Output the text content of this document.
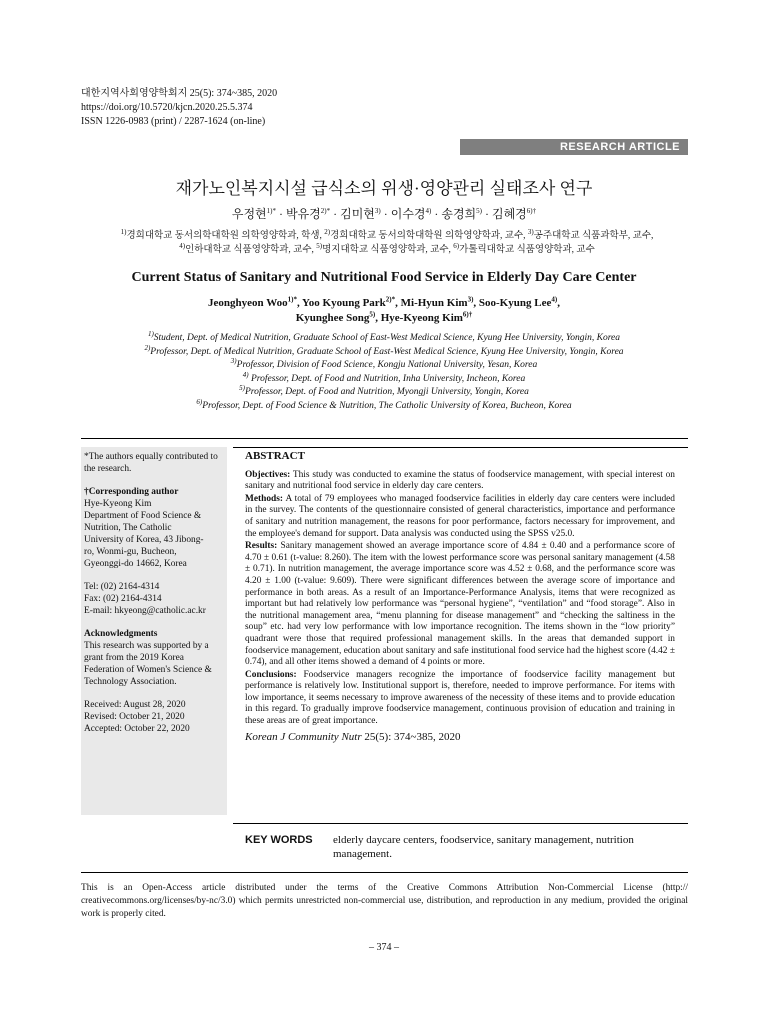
대한지역사회영양학회지 25(5): 374~385, 2020
https://doi.org/10.5720/kjcn.2020.25.5.374
ISSN 1226-0983 (print) / 2287-1624 (on-line)
RESEARCH ARTICLE
재가노인복지시설 급식소의 위생·영양관리 실태조사 연구
우정현$^{1)*}$ · 박유경$^{2)*}$ · 김미현$^{3)}$ · 이수경$^{4)}$ · 송경희$^{5)}$ · 김혜경$^{6)\dagger}$
$^{1)}$경희대학교 동서의학대학원 의학영양학과, 학생, $^{2)}$경희대학교 동서의학대학원 의학영양학과, 교수, $^{3)}$공주대학교 식품과학부, 교수,
$^{4)}$인하대학교 식품영양학과, 교수, $^{5)}$명지대학교 식품영양학과, 교수, $^{6)}$가톨릭대학교 식품영양학과, 교수
Current Status of Sanitary and Nutritional Food Service in Elderly Day Care Center
Jeonghyeon Woo$^{1)*}$, Yoo Kyoung Park$^{2)*}$, Mi-Hyun Kim$^{3)}$, Soo-Kyung Lee$^{4)}$,
Kyunghee Song$^{5)}$, Hye-Kyeong Kim$^{6)\dagger}$
$^{1)}$Student, Dept. of Medical Nutrition, Graduate School of East-West Medical Science, Kyung Hee University, Yongin, Korea
$^{2)}$Professor, Dept. of Medical Nutrition, Graduate School of East-West Medical Science, Kyung Hee University, Yongin, Korea
$^{3)}$Professor, Division of Food Science, Kongju National University, Yesan, Korea
$^{4)}$ Professor, Dept. of Food and Nutrition, Inha University, Incheon, Korea
$^{5)}$Professor, Dept. of Food and Nutrition, Myongji University, Yongin, Korea
$^{6)}$Professor, Dept. of Food Science & Nutrition, The Catholic University of Korea, Bucheon, Korea

*The authors equally contributed to the research.

†Corresponding author
Hye-Kyeong Kim
Department of Food Science &
Nutrition, The Catholic
University of Korea, 43 Jibong-
ro, Wonmi-gu, Bucheon,
Gyeonggi-do 14662, Korea
Tel: (02) 2164-4314
Fax: (02) 2164-4314
E-mail: hkyeong@catholic.ac.kr
Acknowledgments
This research was supported by a grant from the 2019 Korea Federation of Women's Science & Technology Association.
Received: August 28, 2020
Revised: October 21, 2020
Accepted: October 22, 2020
ABSTRACT

Objectives: This study was conducted to examine the status of foodservice management, with special interest on sanitary and nutritional food service in elderly day care centers.

Methods: A total of 79 employees who managed foodservice facilities in elderly day care centers were included in the survey. The contents of the questionnaire consisted of general characteristics, importance and performance of sanitary and nutrition management, the reasons for poor performance, factors necessary for improvement, and the employee's demand for support. Data analysis was conducted using the SPSS v25.0.

Results: Sanitary management showed an average importance score of 4.84 ± 0.40 and a performance score of 4.70 ± 0.61 (t-value: 8.260). The item with the lowest performance score was personal sanitary management (4.58 ± 0.71). In nutrition management, the average importance score was 4.52 ± 0.68, and the performance score was 4.20 ± 1.00 (t-value: 9.609). There were significant differences between the average score of importance and performance in both areas. As a result of an Importance-Performance Analysis, items that were recognized as important but had relatively low performance was “personal hygiene”, “ventilation” and “food storage”. Also in the nutritional management area, “menu planning for disease management” and “checking the saltiness in the soup” etc. had very low performance with low importance recognition. The items shown in the “low priority” quadrant were those that required professional management skills. In the areas that demanded support in foodservice management, education about sanitary and safe institutional food service had the highest score (4.42 ± 0.74), and all other items showed a demand of 4 points or more.

Conclusions: Foodservice managers recognize the importance of foodservice facility management but performance is relatively low. Institutional support is, therefore, needed to improve performance. For items with low importance, it seems necessary to improve awareness of the necessity of these items and to provide education in this regard. To gradually improve foodservice management, continuous provision of education and training in these areas are of great importance.

Korean J Community Nutr 25(5): 374~385, 2020

KEY WORDS	elderly daycare centers, foodservice, sanitary management, nutrition management.
This is an Open-Access article distributed under the terms of the Creative Commons Attribution Non-Commercial License (http:// creativecommons.org/licenses/by-nc/3.0) which permits unrestricted non-commercial use, distribution, and reproduction in any medium, provided the original work is properly cited.
– 374 –
